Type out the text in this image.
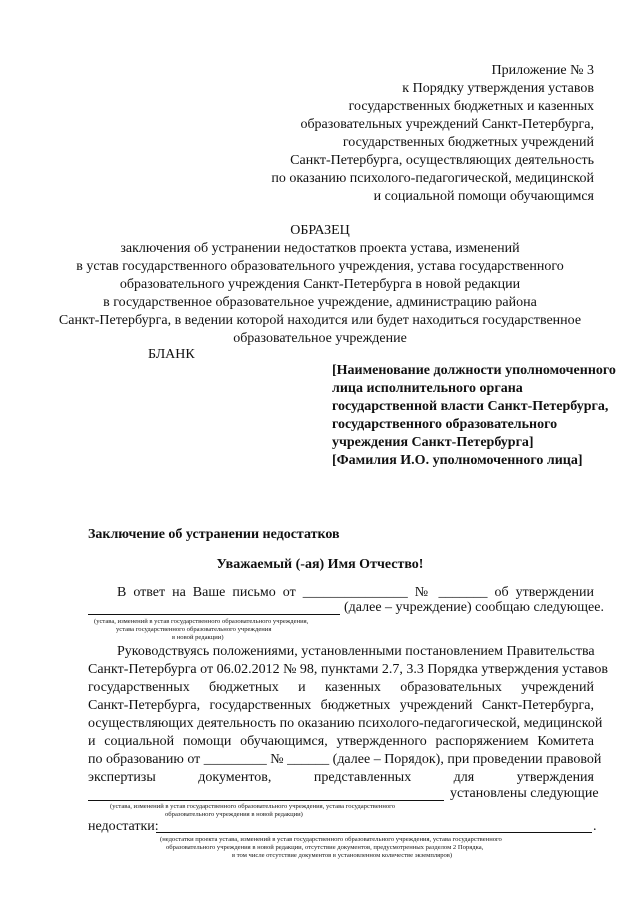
Приложение № 3
к Порядку утверждения уставов
государственных бюджетных и казенных
образовательных учреждений Санкт-Петербурга,
государственных бюджетных учреждений
Санкт-Петербурга, осуществляющих деятельность
по оказанию психолого-педагогической, медицинской
и социальной помощи обучающимся
ОБРАЗЕЦ
заключения об устранении недостатков проекта устава, изменений
в устав государственного образовательного учреждения, устава государственного
образовательного учреждения Санкт-Петербурга в новой редакции
в государственное образовательное учреждение, администрацию района
Санкт-Петербурга, в ведении которой находится или будет находиться государственное
образовательное учреждение
БЛАНК
[Наименование должности уполномоченного
лица исполнительного органа
государственной власти Санкт-Петербурга,
государственного образовательного
учреждения Санкт-Петербурга]
[Фамилия И.О. уполномоченного лица]
Заключение об устранении недостатков
Уважаемый (-ая) Имя Отчество!
В ответ на Ваше письмо от _______________ № _______ об утверждении
(далее – учреждение) сообщаю следующее.
(устава, изменений в устав государственного образовательного учреждения,
устава государственного образовательного учреждения
в новой редакции)
Руководствуясь положениями, установленными постановлением Правительства
Санкт-Петербурга от 06.02.2012 № 98, пунктами 2.7, 3.3 Порядка утверждения уставов
государственных бюджетных и казенных образовательных учреждений
Санкт-Петербурга, государственных бюджетных учреждений Санкт-Петербурга,
осуществляющих деятельность по оказанию психолого-педагогической, медицинской
и социальной помощи обучающимся, утвержденного распоряжением Комитета
по образованию от _________ № ______ (далее – Порядок), при проведении правовой
экспертизы документов, представленных для утверждения
установлены следующие
(устава, изменений в устав государственного образовательного учреждения, устава государственного
образовательного учреждения в новой редакции)
недостатки:	.
(недостатки проекта устава, изменений в устав государственного образовательного учреждения, устава государственного
образовательного учреждения в новой редакции, отсутствие документов, предусмотренных разделом 2 Порядка,
в том числе отсутствие документов в установленном количестве экземпляров)
